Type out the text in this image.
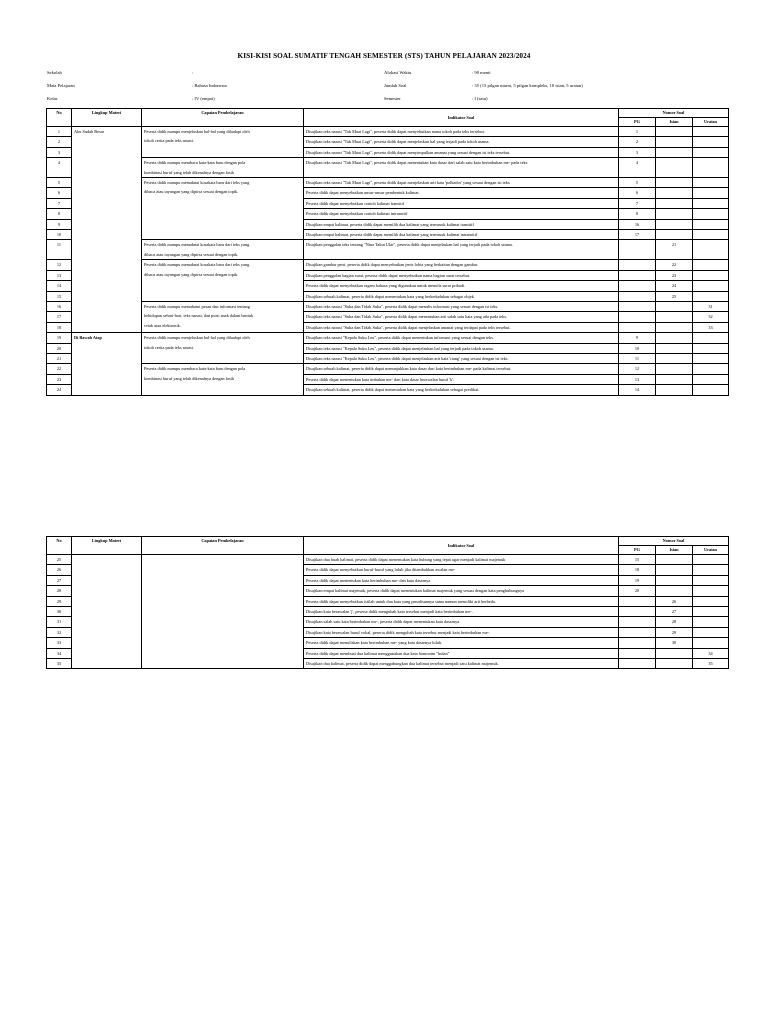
KISI-KISI SOAL SUMATIF TENGAH SEMESTER (STS) TAHUN PELAJARAN 2023/2024
Sekolah	:
Mata Pelajaran	: Bahasa Indonesia
Kelas	: IV (empat)
Alokasi Waktu	: 90 menit
Jumlah Soal	: 35 (15 pilgan murni, 5 pilgan kompleks, 10 isian, 5 uraian)
Semester	: I (satu)
No	Lingkup Materi	Capaian Pembelajaran	Indikator Soal	Nomor Soal		
				PG	Isian	Uraian
1	Aku Sudah Besar	Peserta didik mampu menjelaskan hal-hal yang dihadapi oleh
tokoh cerita pada teks narasi.	Disajikan teks narasi "Tak Muat Lagi", peserta didik dapat menyebutkan nama tokoh pada teks tersebut.	1		
2			Disajikan teks narasi "Tak Muat Lagi", peserta didik dapat menjelaskan hal yang terjadi pada tokoh utama.	2		
3			Disajikan teks narasi "Tak Muat Lagi", peserta didik dapat menyimpulkan amanat yang sesuai dengan isi teks tersebut.	3		
4		Peserta didik mampu membaca kata-kata baru dengan pola
kombinasi huruf yang telah dikenalnya dengan fasih	Disajikan teks narasi "Tak Muat Lagi", peserta didik dapat menentukan kata dasar dari salah satu kata berimbuhan me- pada teks.	4		
5		Peserta didik mampu memaknai kosakata baru dari teks yang
dibaca atau tayangan yang dipirsa sesuai dengan topik.	Disajikan teks narasi "Tak Muat Lagi", peserta didik dapat menjelaskan arti kata 'polkador' yang sesuai dengan isi teks.	5		
6			Peserta didik dapat menyebutkan unsur-unsur pembentuk kalimat.	6		
7			Peserta didik dapat menyebutkan contoh kalimat transitif	7		
8			Peserta didik dapat menyebutkan contoh kalimat intransitif	8		
9			Disajikan empat kalimat, peserta didik dapat memilih dua kalimat yang termasuk kalimat transitif	16		
10			Disajikan empat kalimat, peserta didik dapat memilih dua kalimat yang termasuk kalimat intransitif	17		
11		Peserta didik mampu memaknai kosakata baru dari teks yang
dibaca atau tayangan yang dipirsa sesuai dengan topik.	Disajikan penggalan teks tentang "Nina Takut Ular", peserta didik dapat menjelaskan hal yang terjadi pada tokoh utama.		21	
12		Peserta didik mampu memaknai kosakata baru dari teks yang
dibaca atau tayangan yang dipirsa sesuai dengan topik.	Disajikan gambar petri, peserta didik dapat menyebutkan jenis fobia yang berkaitan dengan gambar.		22	
13			Disajikan penggalan bagian surat, peserta didik dapat menyebutkan nama bagian surat tersebut.		23	
14			Peserta didik dapat menyebutkan ragam bahasa yang digunakan untuk menulis surat pribadi.		24	
15			Disajikan sebuah kalimat, peserta didik dapat menentukan kata yang berkedudukan sebagai objek.		25	
16		Peserta didik mampu memahami pesan dan informasi tentang
kehidupan sehari-hari, teks narasi, dan puisi anak dalam bentuk
cetak atau elektronik.	Disajikan teks narasi "Suka dan Tidak Suka", peserta didik dapat menulis informasi yang sesuai dengan isi teks.			31
17			Disajikan teks narasi "Suka dan Tidak Suka", peserta didik dapat menentukan arti salah satu kata yang ada pada teks.			32
18			Disajikan teks narasi "Suka dan Tidak Suka", peserta didik dapat menjelaskan amanat yang terdapat pada teks tersebut.			33
19	Di Bawah Atap	Peserta didik mampu menjelaskan hal-hal yang dihadapi oleh
tokoh cerita pada teks narasi.	Disajikan teks narasi "Kepala Suku Leu", peserta didik dapat menentukan informasi yang sesuai dengan teks.	9		
20			Disajikan teks narasi "Kepala Suku Leu", peserta didik dapat menjelaskan hal yang terjadi pada tokoh utama.	10		
21			Disajikan teks narasi "Kepala Suku Leu", peserta didik dapat menjelaskan arti kata 'riang' yang sesuai dengan isi teks.	11		
22		Peserta didik mampu membaca kata-kata baru dengan pola
kombinasi huruf yang telah dikenalnya dengan fasih	Disajikan sebuah kalimat, peserta didik dapat menunjukkan kata dasar dari kata berimbuhan me- pada kalimat tersebut.	12		
23			Peserta didik dapat menentukan kata imbuhan me- dari kata dasar berawalan huruf 'k'.	13		
24			Disajikan sebuah kalimat, peserta didik dapat menentukan kata yang berkedudukan sebagai predikat.	14		
No	Lingkup Materi	Capaian Pembelajaran	Indikator Soal	Nomor Soal		
				PG	Isian	Uraian
25			Disajikan dua buah kalimat, peserta didik dapat menentukan kata hubung yang tepat agar menjadi kalimat majemuk	15		
26			Peserta didik dapat menyebutkan huruf-huruf yang luluh jika ditambahkan awalan me-	18		
27			Peserta didik dapat menentukan kata berimbuhan me- dan kata dasarnya	19		
28			Disajikan empat kalimat majemuk, peserta didik dapat menentukan kalimat majemuk yang sesuai dengan kata penghubungnya	20		
29			Peserta didik dapat menyebutkan istilah untuk dua kata yang penulisannya sama namun memiliki arti berbeda.		26	
30			Disajikan kata berawalan 'j', peserta didik mengubah kata tersebut menjadi kata berimbuhan me-.		27	
31			Disajikan salah satu kata berimbuhan me-, peserta didik dapat menentukan kata dasarnya.		28	
32			Disajikan kata berawalan huruf vokal, peserta didik mengubah kata tersebut menjadi kata berimbuhan me-.		29	
33			Peserta didik dapat menuliskan kata berimbuhan me- yang kata dasarnya luluh.		30	
34			Peserta didik dapat membuat dua kalimat menggunakan dua kata homonim "bulan"			34
35			Disajikan dua kalimat, peserta didik dapat menggabungkan dua kalimat tersebut menjadi satu kalimat majemuk.			35
